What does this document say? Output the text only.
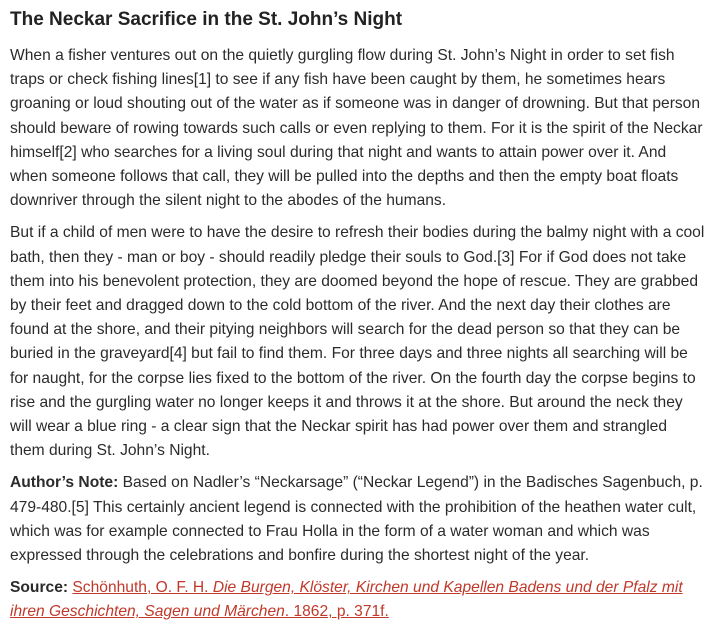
The Neckar Sacrifice in the St. John’s Night

When a fisher ventures out on the quietly gurgling flow during St. John’s Night in order to set fish traps or check fishing lines[1] to see if any fish have been caught by them, he sometimes hears groaning or loud shouting out of the water as if someone was in danger of drowning. But that person should beware of rowing towards such calls or even replying to them. For it is the spirit of the Neckar himself[2] who searches for a living soul during that night and wants to attain power over it. And when someone follows that call, they will be pulled into the depths and then the empty boat floats downriver through the silent night to the abodes of the humans.

But if a child of men were to have the desire to refresh their bodies during the balmy night with a cool bath, then they - man or boy - should readily pledge their souls to God.[3] For if God does not take them into his benevolent protection, they are doomed beyond the hope of rescue. They are grabbed by their feet and dragged down to the cold bottom of the river. And the next day their clothes are found at the shore, and their pitying neighbors will search for the dead person so that they can be buried in the graveyard[4] but fail to find them. For three days and three nights all searching will be for naught, for the corpse lies fixed to the bottom of the river. On the fourth day the corpse begins to rise and the gurgling water no longer keeps it and throws it at the shore. But around the neck they will wear a blue ring - a clear sign that the Neckar spirit has had power over them and strangled them during St. John’s Night.

Author’s Note: Based on Nadler’s “Neckarsage” (“Neckar Legend”) in the Badisches Sagenbuch, p. 479-480.[5] This certainly ancient legend is connected with the prohibition of the heathen water cult, which was for example connected to Frau Holla in the form of a water woman and which was expressed through the celebrations and bonfire during the shortest night of the year.

Source: Schönhuth, O. F. H. Die Burgen, Klöster, Kirchen und Kapellen Badens und der Pfalz mit ihren Geschichten, Sagen und Märchen. 1862, p. 371f.
